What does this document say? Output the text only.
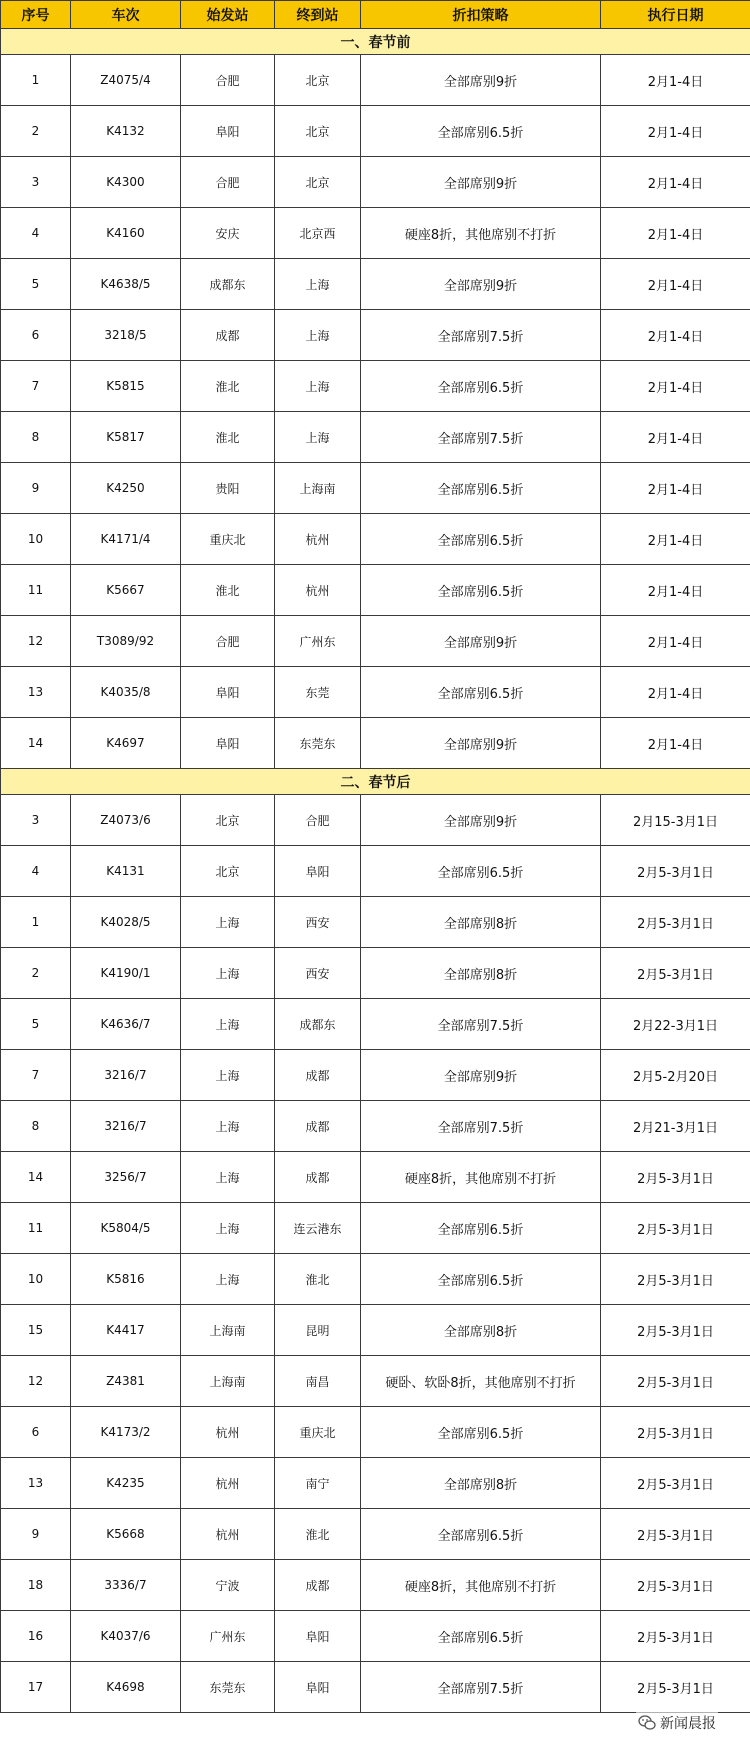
序号	车次	始发站	终到站	折扣策略	执行日期
一、春节前					
1	Z4075/4	合肥	北京	全部席别9折	2月1-4日
2	K4132	阜阳	北京	全部席别6.5折	2月1-4日
3	K4300	合肥	北京	全部席别9折	2月1-4日
4	K4160	安庆	北京西	硬座8折，其他席别不打折	2月1-4日
5	K4638/5	成都东	上海	全部席别9折	2月1-4日
6	3218/5	成都	上海	全部席别7.5折	2月1-4日
7	K5815	淮北	上海	全部席别6.5折	2月1-4日
8	K5817	淮北	上海	全部席别7.5折	2月1-4日
9	K4250	贵阳	上海南	全部席别6.5折	2月1-4日
10	K4171/4	重庆北	杭州	全部席别6.5折	2月1-4日
11	K5667	淮北	杭州	全部席别6.5折	2月1-4日
12	T3089/92	合肥	广州东	全部席别9折	2月1-4日
13	K4035/8	阜阳	东莞	全部席别6.5折	2月1-4日
14	K4697	阜阳	东莞东	全部席别9折	2月1-4日
二、春节后					
3	Z4073/6	北京	合肥	全部席别9折	2月15-3月1日
4	K4131	北京	阜阳	全部席别6.5折	2月5-3月1日
1	K4028/5	上海	西安	全部席别8折	2月5-3月1日
2	K4190/1	上海	西安	全部席别8折	2月5-3月1日
5	K4636/7	上海	成都东	全部席别7.5折	2月22-3月1日
7	3216/7	上海	成都	全部席别9折	2月5-2月20日
8	3216/7	上海	成都	全部席别7.5折	2月21-3月1日
14	3256/7	上海	成都	硬座8折，其他席别不打折	2月5-3月1日
11	K5804/5	上海	连云港东	全部席别6.5折	2月5-3月1日
10	K5816	上海	淮北	全部席别6.5折	2月5-3月1日
15	K4417	上海南	昆明	全部席别8折	2月5-3月1日
12	Z4381	上海南	南昌	硬卧、软卧8折，其他席别不打折	2月5-3月1日
6	K4173/2	杭州	重庆北	全部席别6.5折	2月5-3月1日
13	K4235	杭州	南宁	全部席别8折	2月5-3月1日
9	K5668	杭州	淮北	全部席别6.5折	2月5-3月1日
18	3336/7	宁波	成都	硬座8折，其他席别不打折	2月5-3月1日
16	K4037/6	广州东	阜阳	全部席别6.5折	2月5-3月1日
17	K4698	东莞东	阜阳	全部席别7.5折	2月5-3月1日
新闻晨报
